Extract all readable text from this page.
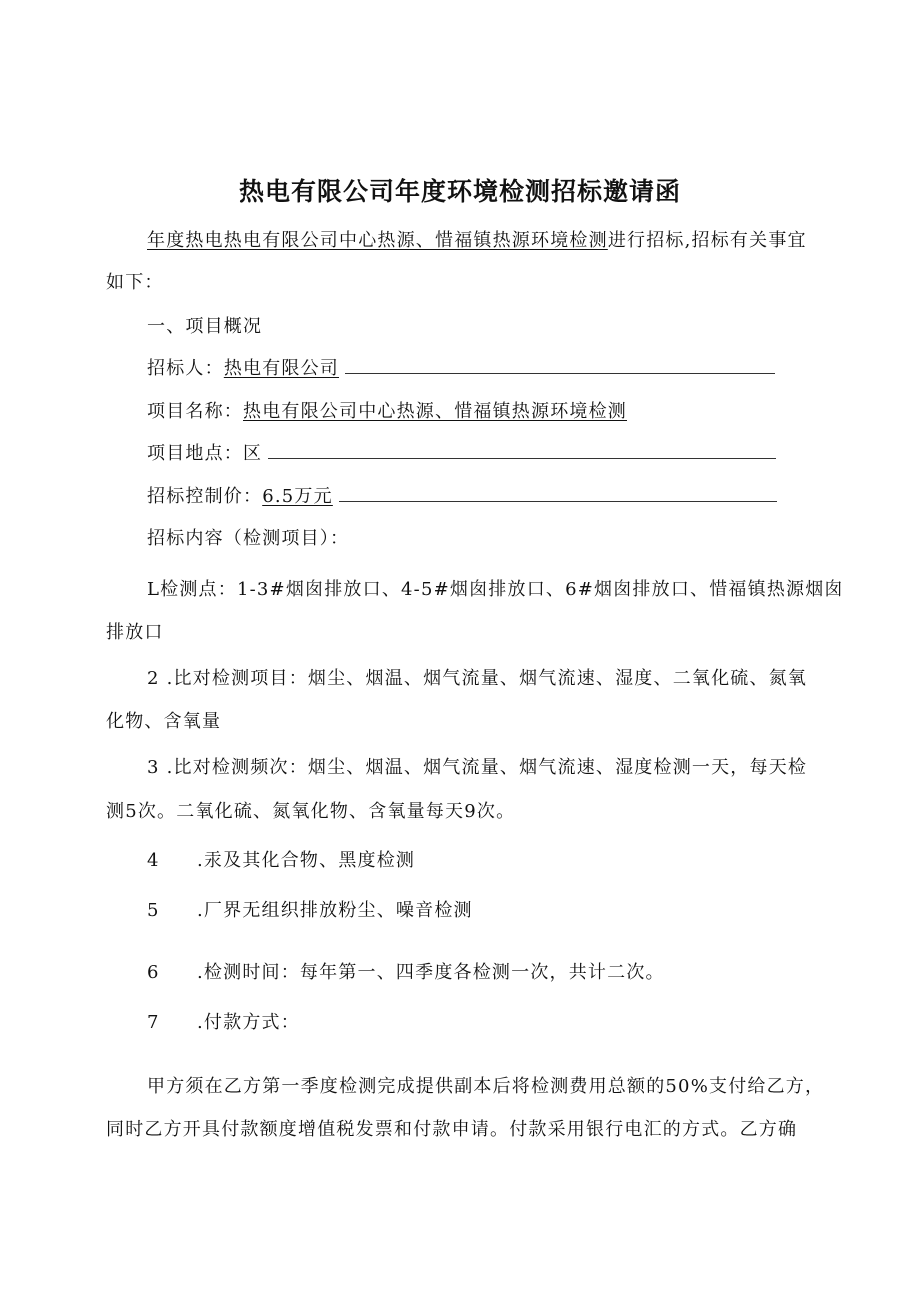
热电有限公司年度环境检测招标邀请函
年度热电热电有限公司中心热源、惜福镇热源环境检测进行招标,招标有关事宜
如下：
一、项目概况
招标人：热电有限公司
项目名称：热电有限公司中心热源、惜福镇热源环境检测
项目地点：区
招标控制价：6.5万元
招标内容（检测项目）：
L检测点：1-3#烟囱排放口、4-5#烟囱排放口、6#烟囱排放口、惜福镇热源烟囱
排放口
2 .比对检测项目：烟尘、烟温、烟气流量、烟气流速、湿度、二氧化硫、氮氧
化物、含氧量
3 .比对检测频次：烟尘、烟温、烟气流量、烟气流速、湿度检测一天，每天检
测5次。二氧化硫、氮氧化物、含氧量每天9次。
4 .汞及其化合物、黑度检测
5 .厂界无组织排放粉尘、噪音检测
6 .检测时间：每年第一、四季度各检测一次，共计二次。
7 .付款方式：
甲方须在乙方第一季度检测完成提供副本后将检测费用总额的50%支付给乙方，
同时乙方开具付款额度增值税发票和付款申请。付款采用银行电汇的方式。乙方确
